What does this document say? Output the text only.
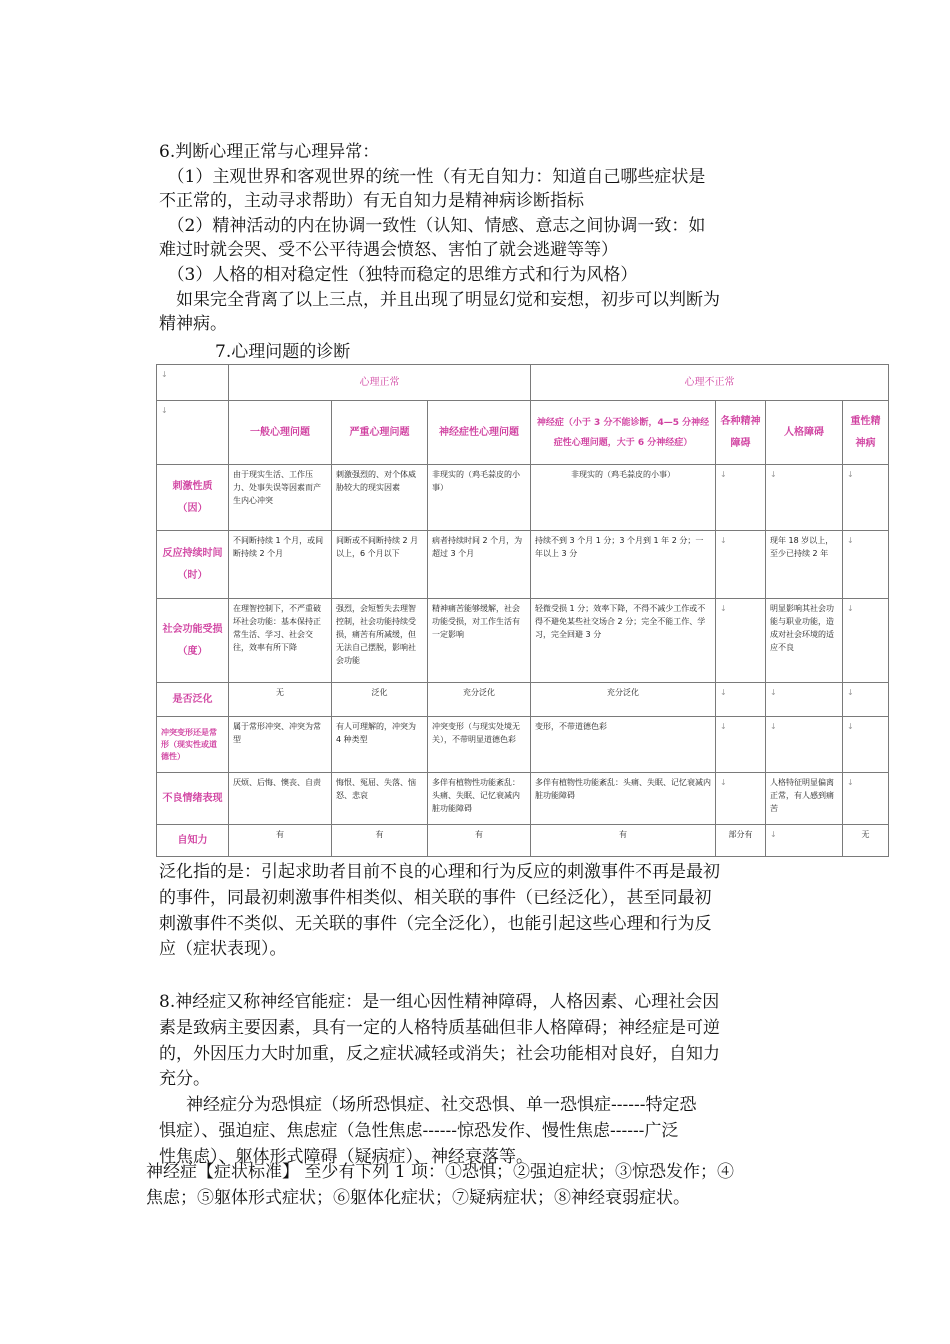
6.判断心理正常与心理异常：
　（1）主观世界和客观世界的统一性（有无自知力：知道自己哪些症状是
不正常的，主动寻求帮助）有无自知力是精神病诊断指标
　（2）精神活动的内在协调一致性（认知、情感、意志之间协调一致：如
难过时就会哭、受不公平待遇会愤怒、害怕了就会逃避等等）
　（3）人格的相对稳定性（独特而稳定的思维方式和行为风格）
　如果完全背离了以上三点，并且出现了明显幻觉和妄想，初步可以判断为
精神病。
7.心理问题的诊断
↓	心理正常			心理不正常			
↓	一般心理问题	严重心理问题	神经症性心理问题	神经症（小于 3 分不能诊断，4—5 分神经症性心理问题，大于 6 分神经症）	各种精神障碍	人格障碍	重性精神病
刺激性质（因）	由于现实生活、工作压力、处事失误等因素而产生内心冲突	刺激强烈的、对个体威胁较大的现实因素	非现实的（鸡毛蒜皮的小事）	非现实的（鸡毛蒜皮的小事）	↓	↓	↓
反应持续时间（时）	不间断持续 1 个月，或间断持续 2 个月	间断或不间断持续 2 月以上，6 个月以下	病者持续时间 2 个月，为超过 3 个月	持续不到 3 个月 1 分；3 个月到 1 年 2 分；一年以上 3 分	↓	现年 18 岁以上，至少已持续 2 年	↓
社会功能受损（度）	在理智控制下，不严重破坏社会功能：基本保持正常生活、学习、社会交往，效率有所下降	强烈，会短暂失去理智控制，社会功能持续受损，痛苦有所减缓，但无法自己摆脱，影响社会功能	精神痛苦能够缓解，社会功能受损，对工作生活有一定影响	轻微受损 1 分；效率下降，不得不减少工作或不得不避免某些社交场合 2 分；完全不能工作、学习，完全回避 3 分	↓	明显影响其社会功能与职业功能，造成对社会环境的适应不良	↓
是否泛化	无	泛化	充分泛化	充分泛化	↓	↓	↓
冲突变形还是常形（现实性或道德性）	属于常形冲突、冲突为常型	有人可理解的，冲突为 4 种类型	冲突变形（与现实处境无关），不带明显道德色彩	变形，不带道德色彩	↓	↓	↓
不良情绪表现	厌烦、后悔、懊丧、自责	悔恨、冤屈、失落、恼怒、悲哀	多伴有植物性功能紊乱：头痛、失眠、记忆衰减内脏功能障碍	多伴有植物性功能紊乱：头痛、失眠、记忆衰减内脏功能障碍	↓	人格特征明显偏离正常，有人感到痛苦	↓
自知力	有	有	有	有	部分有	↓	无
泛化指的是：引起求助者目前不良的心理和行为反应的刺激事件不再是最初
的事件，同最初刺激事件相类似、相关联的事件（已经泛化），甚至同最初
刺激事件不类似、无关联的事件（完全泛化），也能引起这些心理和行为反
应（症状表现）。
8.神经症又称神经官能症：是一组心因性精神障碍，人格因素、心理社会因
素是致病主要因素，具有一定的人格特质基础但非人格障碍；神经症是可逆
的，外因压力大时加重，反之症状减轻或消失；社会功能相对良好，自知力
充分。
神经症分为恐惧症（场所恐惧症、社交恐惧、单一恐惧症------特定恐
惧症）、强迫症、焦虑症（急性焦虑------惊恐发作、慢性焦虑------广泛
性焦虑）、躯体形式障碍（疑病症）、神经衰落等。
神经症【症状标准】 至少有下列 1 项：①恐惧；②强迫症状；③惊恐发作；④
焦虑；⑤躯体形式症状；⑥躯体化症状；⑦疑病症状；⑧神经衰弱症状。
